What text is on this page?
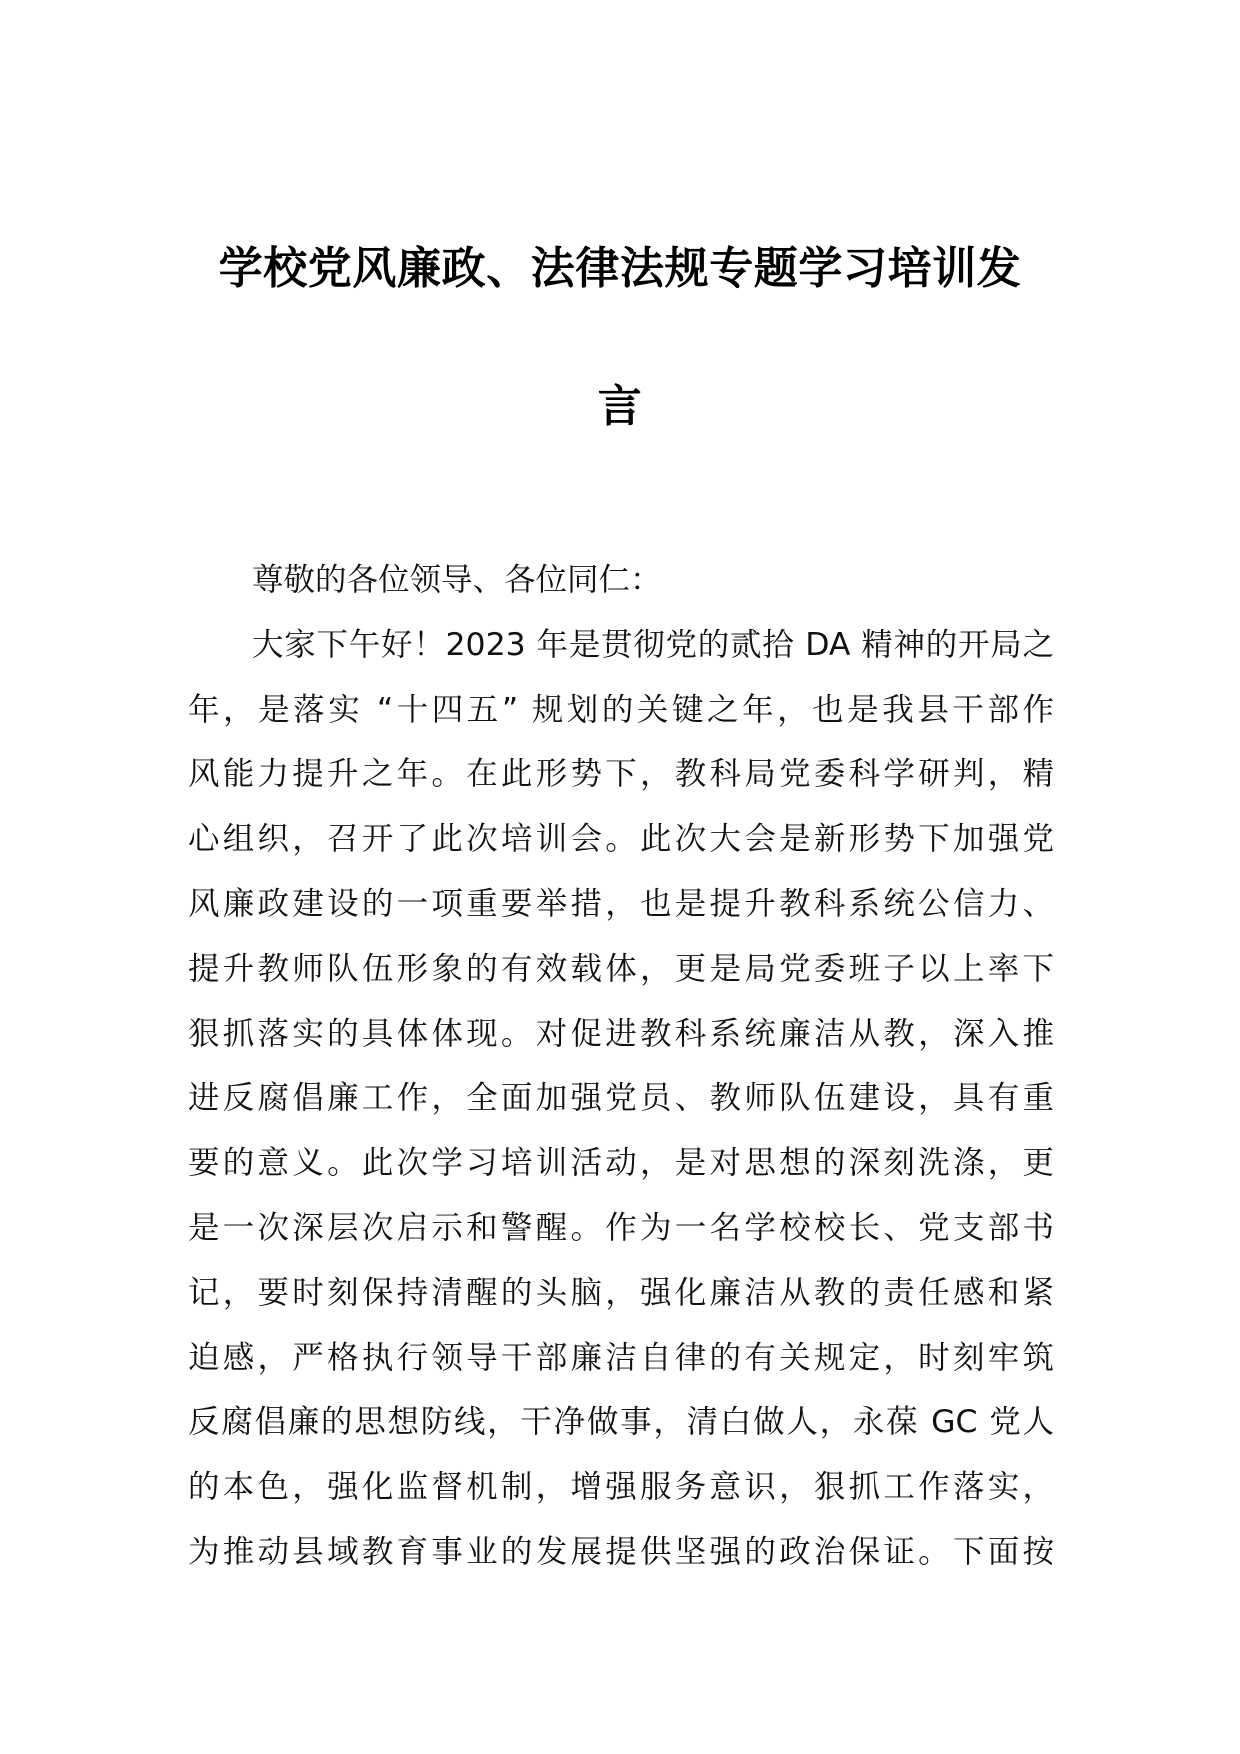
学校党风廉政、法律法规专题学习培训发
言

尊敬的各位领导、各位同仁：

大家下午好！2023 年是贯彻党的贰拾 DA 精神的开局之

年，是落实 “十四五” 规划的关键之年，也是我县干部作

风能力提升之年。在此形势下，教科局党委科学研判，精

心组织，召开了此次培训会。此次大会是新形势下加强党

风廉政建设的一项重要举措，也是提升教科系统公信力、

提升教师队伍形象的有效载体，更是局党委班子以上率下

狠抓落实的具体体现。对促进教科系统廉洁从教，深入推

进反腐倡廉工作，全面加强党员、教师队伍建设，具有重

要的意义。此次学习培训活动，是对思想的深刻洗涤，更

是一次深层次启示和警醒。作为一名学校校长、党支部书

记，要时刻保持清醒的头脑，强化廉洁从教的责任感和紧

迫感，严格执行领导干部廉洁自律的有关规定，时刻牢筑

反腐倡廉的思想防线，干净做事，清白做人，永葆 GC 党人

的本色，强化监督机制，增强服务意识，狠抓工作落实，

为推动县域教育事业的发展提供坚强的政治保证。下面按
